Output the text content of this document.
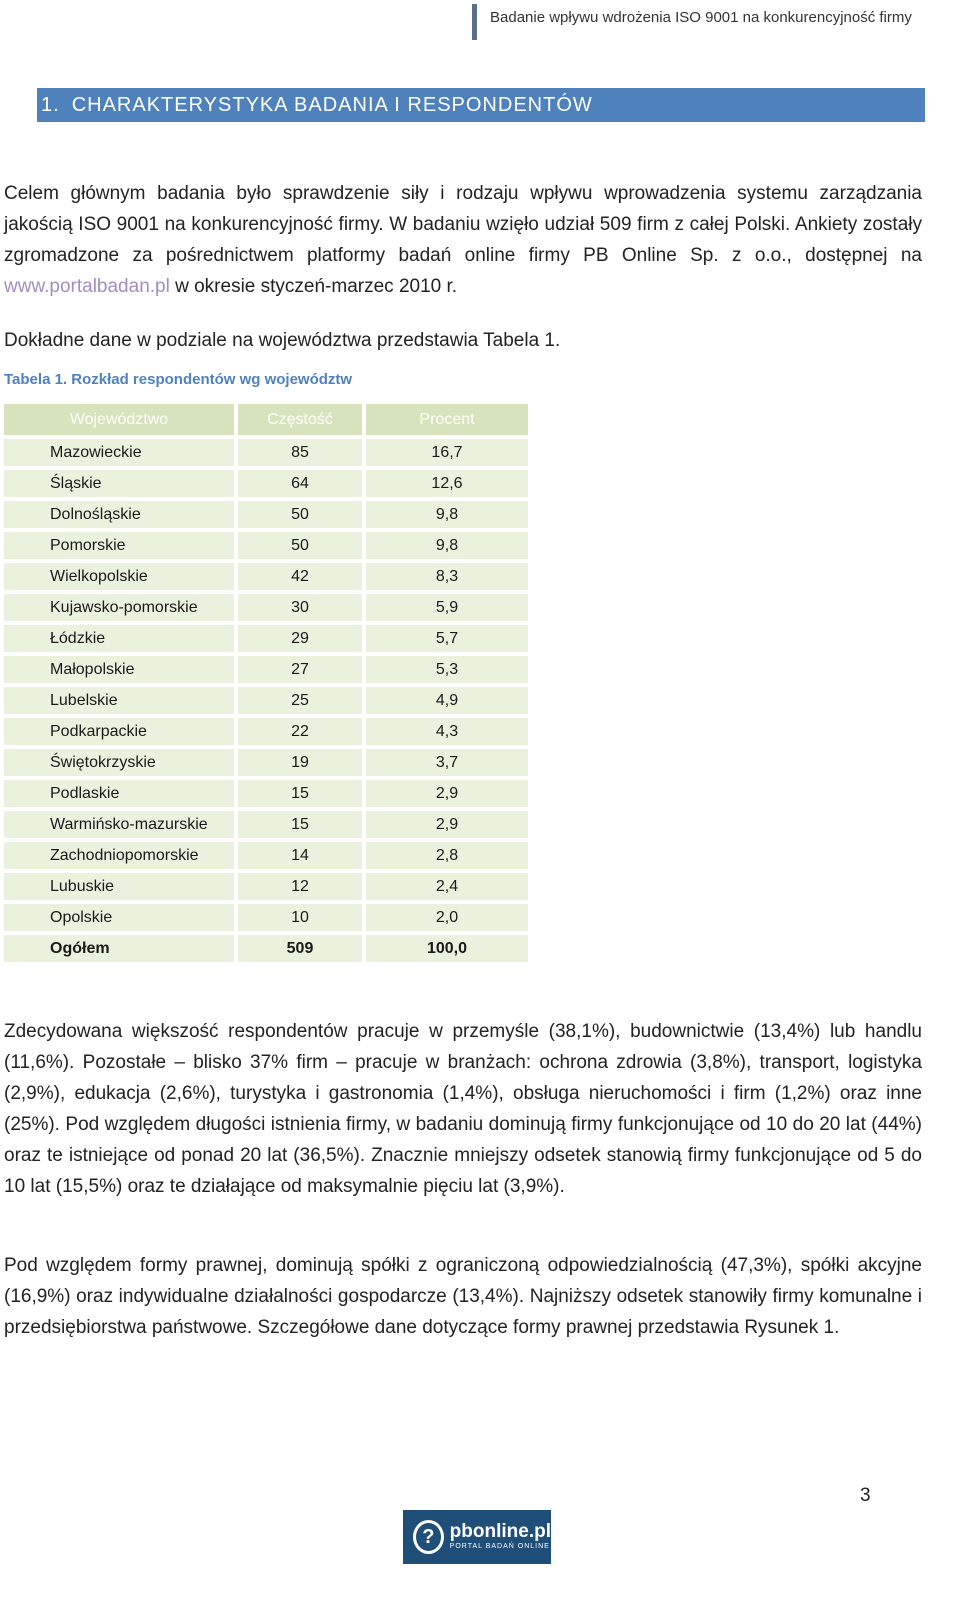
Badanie wpływu wdrożenia ISO 9001 na konkurencyjność firmy
1. CHARAKTERYSTYKA BADANIA I RESPONDENTÓW
Celem głównym badania było sprawdzenie siły i rodzaju wpływu wprowadzenia systemu zarządzania jakością ISO 9001 na konkurencyjność firmy. W badaniu wzięło udział 509 firm z całej Polski. Ankiety zostały zgromadzone za pośrednictwem platformy badań online firmy PB Online Sp. z o.o., dostępnej na www.portalbadan.pl w okresie styczeń-marzec 2010 r.
Dokładne dane w podziale na województwa przedstawia Tabela 1.
Tabela 1. Rozkład respondentów wg województw
Województwo	Częstość	Procent
Mazowieckie	85	16,7
Śląskie	64	12,6
Dolnośląskie	50	9,8
Pomorskie	50	9,8
Wielkopolskie	42	8,3
Kujawsko-pomorskie	30	5,9
Łódzkie	29	5,7
Małopolskie	27	5,3
Lubelskie	25	4,9
Podkarpackie	22	4,3
Świętokrzyskie	19	3,7
Podlaskie	15	2,9
Warmińsko-mazurskie	15	2,9
Zachodniopomorskie	14	2,8
Lubuskie	12	2,4
Opolskie	10	2,0
Ogółem	509	100,0
Zdecydowana większość respondentów pracuje w przemyśle (38,1%), budownictwie (13,4%) lub handlu (11,6%). Pozostałe – blisko 37% firm – pracuje w branżach: ochrona zdrowia (3,8%), transport, logistyka (2,9%), edukacja (2,6%), turystyka i gastronomia (1,4%), obsługa nieruchomości i firm (1,2%) oraz inne (25%). Pod względem długości istnienia firmy, w badaniu dominują firmy funkcjonujące od 10 do 20 lat (44%) oraz te istniejące od ponad 20 lat (36,5%). Znacznie mniejszy odsetek stanowią firmy funkcjonujące od 5 do 10 lat (15,5%) oraz te działające od maksymalnie pięciu lat (3,9%).
Pod względem formy prawnej, dominują spółki z ograniczoną odpowiedzialnością (47,3%), spółki akcyjne (16,9%) oraz indywidualne działalności gospodarcze (13,4%). Najniższy odsetek stanowiły firmy komunalne i przedsiębiorstwa państwowe. Szczegółowe dane dotyczące formy prawnej przedstawia Rysunek 1.
3
? pbonline.pl
PORTAL BADAŃ ONLINE
